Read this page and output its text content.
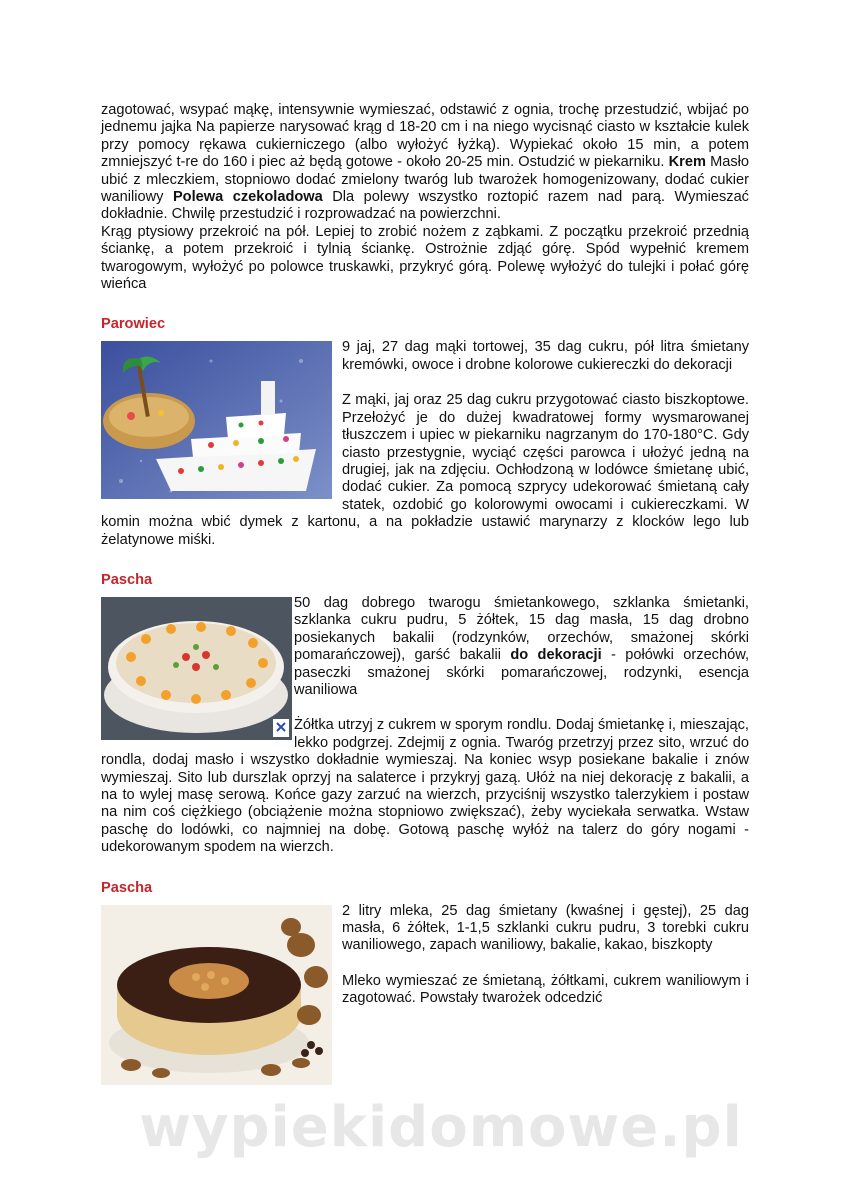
zagotować, wsypać mąkę, intensywnie wymieszać, odstawić z ognia, trochę przestudzić, wbijać po jednemu jajka Na papierze narysować krąg d 18-20 cm i na niego wycisnąć ciasto w kształcie kulek przy pomocy rękawa cukierniczego (albo wyłożyć łyżką). Wypiekać około 15 min, a potem zmniejszyć t-re do 160 i piec aż będą gotowe - około 20-25 min. Ostudzić w piekarniku. Krem Masło ubić z mleczkiem, stopniowo dodać zmielony twaróg lub twarożek homogenizowany, dodać cukier waniliowy Polewa czekoladowa Dla polewy wszystko roztopić razem nad parą. Wymieszać dokładnie. Chwilę przestudzić i rozprowadzać na powierzchni.

Krąg ptysiowy przekroić na pół. Lepiej to zrobić nożem z ząbkami. Z początku przekroić przednią ściankę, a potem przekroić i tylnią ściankę. Ostrożnie zdjąć górę. Spód wypełnić kremem twarogowym, wyłożyć po polowce truskawki, przykryć górą. Polewę wyłożyć do tulejki i połać górę wieńca

Parowiec

9 jaj, 27 dag mąki tortowej, 35 dag cukru, pół litra śmietany kremówki, owoce i drobne kolorowe cukiereczki do dekoracji

Z mąki, jaj oraz 25 dag cukru przygotować ciasto biszkoptowe. Przełożyć je do dużej kwadratowej formy wysmarowanej tłuszczem i upiec w piekarniku nagrzanym do 170-180°C. Gdy ciasto przestygnie, wyciąć części parowca i ułożyć jedną na drugiej, jak na zdjęciu. Ochłodzoną w lodówce śmietanę ubić, dodać cukier. Za pomocą szprycy udekorować śmietaną cały statek, ozdobić go kolorowymi owocami i cukiereczkami. W komin można wbić dymek z kartonu, a na pokładzie ustawić marynarzy z klocków lego lub żelatynowe miśki.

Pascha

50 dag dobrego twarogu śmietankowego, szklanka śmietanki, szklanka cukru pudru, 5 żółtek, 15 dag masła, 15 dag drobno posiekanych bakalii (rodzynków, orzechów, smażonej skórki pomarańczowej), garść bakalii do dekoracji - połówki orzechów, paseczki smażonej skórki pomarańczowej, rodzynki, esencja waniliowa

Żółtka utrzyj z cukrem w sporym rondlu. Dodaj śmietankę i, mieszając, lekko podgrzej. Zdejmij z ognia. Twaróg przetrzyj przez sito, wrzuć do rondla, dodaj masło i wszystko dokładnie wymieszaj. Na koniec wsyp posiekane bakalie i znów wymieszaj. Sito lub durszlak oprzyj na salaterce i przykryj gazą. Ułóż na niej dekorację z bakalii, a na to wylej masę serową. Końce gazy zarzuć na wierzch, przyciśnij wszystko talerzykiem i postaw na nim coś ciężkiego (obciążenie można stopniowo zwiększać), żeby wyciekała serwatka. Wstaw paschę do lodówki, co najmniej na dobę. Gotową paschę wyłóż na talerz do góry nogami - udekorowanym spodem na wierzch.

Pascha

2 litry mleka, 25 dag śmietany (kwaśnej i gęstej), 25 dag masła, 6 żółtek, 1-1,5 szklanki cukru pudru, 3 torebki cukru waniliowego, zapach waniliowy, bakalie, kakao, biszkopty

Mleko wymieszać ze śmietaną, żółtkami, cukrem waniliowym i zagotować. Powstały twarożek odcedzić

wypiekidomowe.pl
